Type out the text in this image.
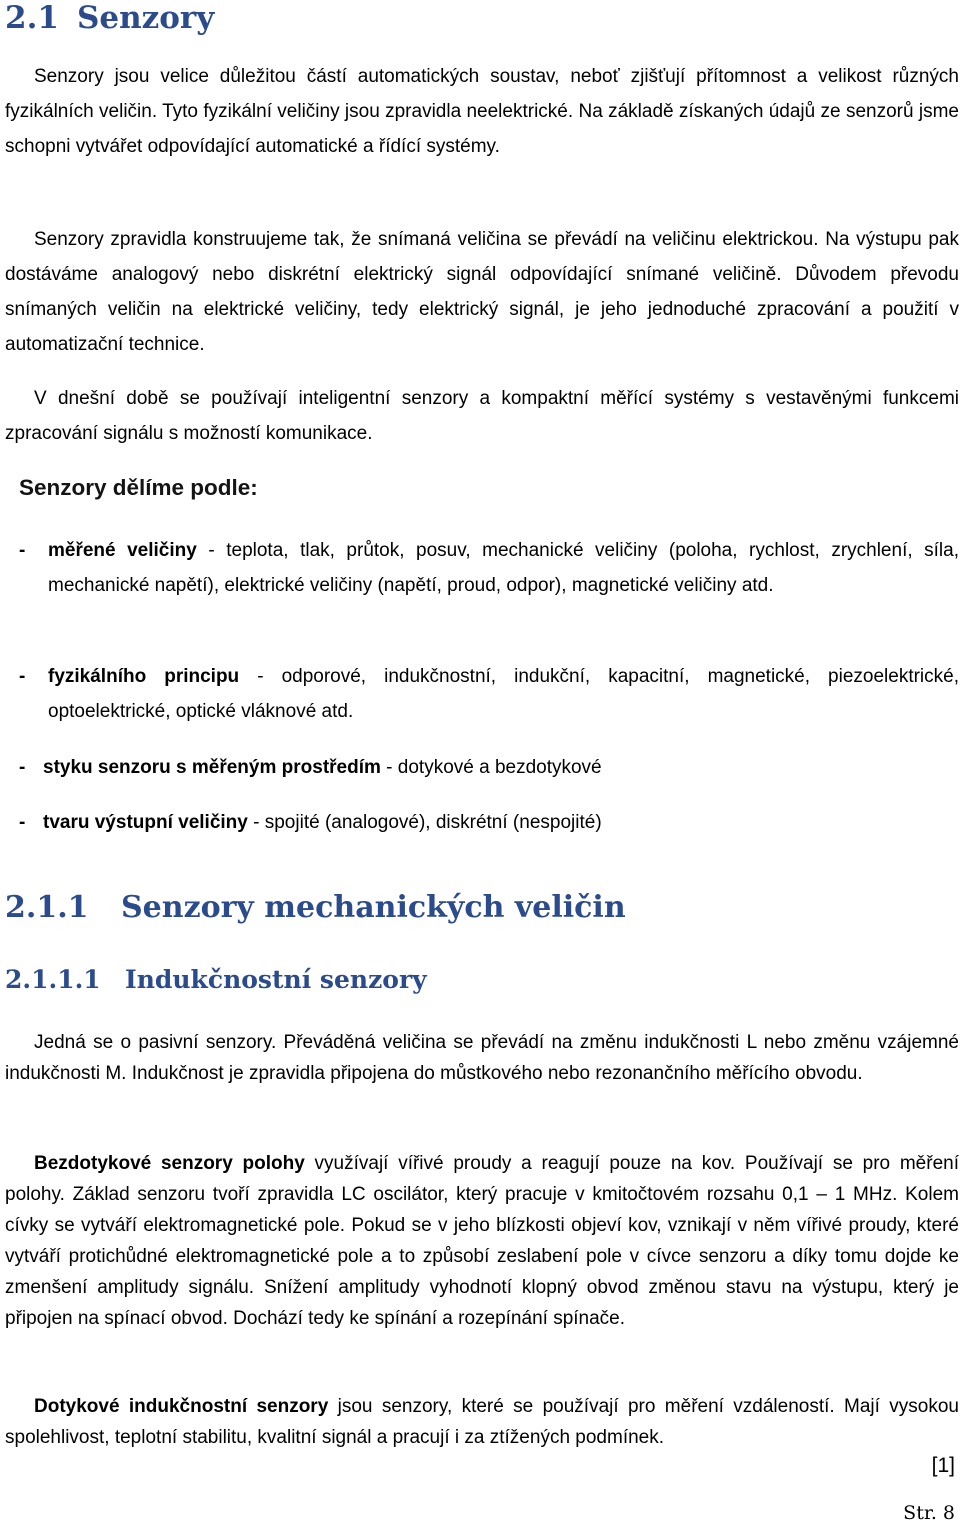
2.1 Senzory

Senzory jsou velice důležitou částí automatických soustav, neboť zjišťují přítomnost a velikost různých fyzikálních veličin. Tyto fyzikální veličiny jsou zpravidla neelektrické. Na základě získaných údajů ze senzorů jsme schopni vytvářet odpovídající automatické a řídící systémy.

Senzory zpravidla konstruujeme tak, že snímaná veličina se převádí na veličinu elektrickou. Na výstupu pak dostáváme analogový nebo diskrétní elektrický signál odpovídající snímané veličině. Důvodem převodu snímaných veličin na elektrické veličiny, tedy elektrický signál, je jeho jednoduché zpracování a použití v automatizační technice.

V dnešní době se používají inteligentní senzory a kompaktní měřící systémy s vestavěnými funkcemi zpracování signálu s možností komunikace.

Senzory dělíme podle:

- měřené veličiny - teplota, tlak, průtok, posuv, mechanické veličiny (poloha, rychlost, zrychlení, síla, mechanické napětí), elektrické veličiny (napětí, proud, odpor), magnetické veličiny atd.
- fyzikálního principu - odporové, indukčnostní, indukční, kapacitní, magnetické, piezoelektrické, optoelektrické, optické vláknové atd.
- styku senzoru s měřeným prostředím - dotykové a bezdotykové
- tvaru výstupní veličiny - spojité (analogové), diskrétní (nespojité)
2.1.1 Senzory mechanických veličin
2.1.1.1 Indukčnostní senzory

Jedná se o pasivní senzory. Převáděná veličina se převádí na změnu indukčnosti L nebo změnu vzájemné indukčnosti M. Indukčnost je zpravidla připojena do můstkového nebo rezonančního měřícího obvodu.

Bezdotykové senzory polohy využívají vířivé proudy a reagují pouze na kov. Používají se pro měření polohy. Základ senzoru tvoří zpravidla LC oscilátor, který pracuje v kmitočtovém rozsahu 0,1 – 1 MHz. Kolem cívky se vytváří elektromagnetické pole. Pokud se v jeho blízkosti objeví kov, vznikají v něm vířivé proudy, které vytváří protichůdné elektromagnetické pole a to způsobí zeslabení pole v cívce senzoru a díky tomu dojde ke zmenšení amplitudy signálu. Snížení amplitudy vyhodnotí klopný obvod změnou stavu na výstupu, který je připojen na spínací obvod. Dochází tedy ke spínání a rozepínání spínače.

Dotykové indukčnostní senzory jsou senzory, které se používají pro měření vzdáleností. Mají vysokou spolehlivost, teplotní stabilitu, kvalitní signál a pracují i za ztížených podmínek.

[1]

Str. 8
